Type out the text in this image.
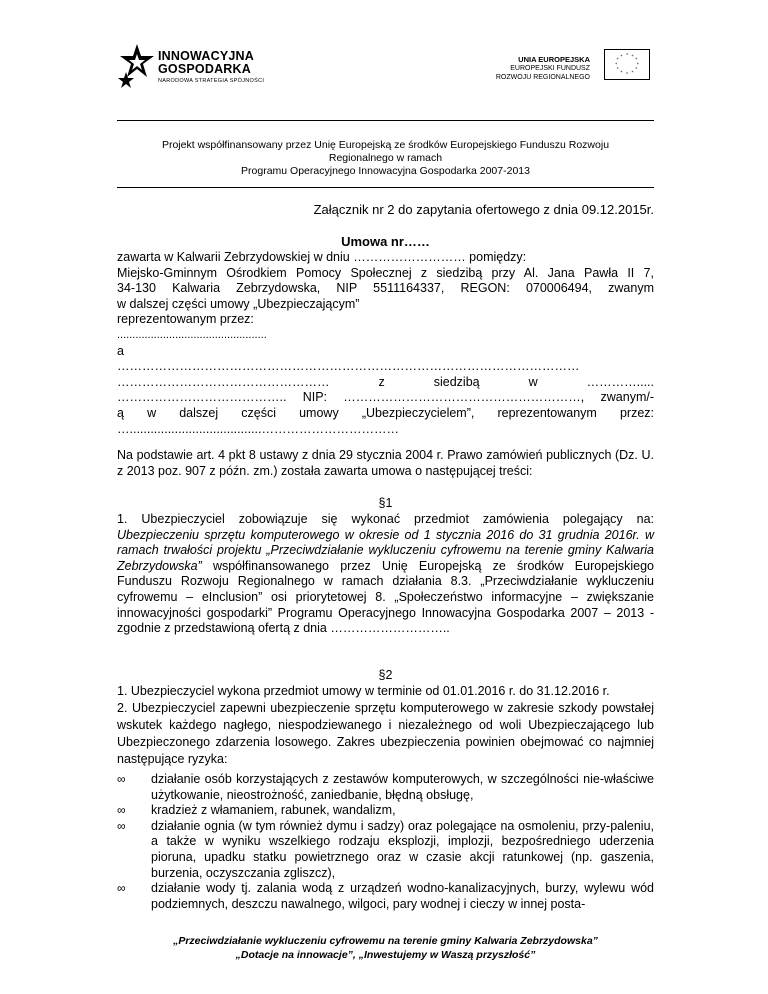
INNOWACYJNA
GOSPODARKA
NARODOWA STRATEGIA SPÓJNOŚCI
UNIA EUROPEJSKA
EUROPEJSKI FUNDUSZ
ROZWOJU REGIONALNEGO
* *
*
*
*
*
*
*
*
*
*
*
Projekt współfinansowany przez Unię Europejską ze środków Europejskiego Funduszu Rozwoju
Regionalnego w ramach
Programu Operacyjnego Innowacyjna Gospodarka 2007-2013
Załącznik nr 2 do zapytania ofertowego z dnia 09.12.2015r.
Umowa nr……
zawarta w Kalwarii Zebrzydowskiej w dniu ……………………… pomiędzy:
Miejsko-Gminnym Ośrodkiem Pomocy Społecznej z siedzibą przy Al. Jana Pawła II 7,
34-130 Kalwaria Zebrzydowska, NIP 5511164337, REGON: 070006494, zwanym
w dalszej części umowy „Ubezpieczającym”
reprezentowanym przez:
.................................................
a
…………………………………………………………………………………………………
……………………………………………    z    siedzibą    w    ………….....
………………………………….. NIP: …………………………………………………, zwanym/-
ą  w  dalszej  części  umowy  „Ubezpieczycielem”,  reprezentowanym  przez:
…......................................……………………………
Na podstawie art. 4 pkt 8 ustawy z dnia 29 stycznia 2004 r. Prawo zamówień publicznych (Dz. U. z 2013 poz. 907 z późn. zm.) została zawarta umowa o następującej treści:
§1
1. Ubezpieczyciel zobowiązuje się wykonać przedmiot zamówienia polegający na: Ubezpieczeniu sprzętu komputerowego w okresie od 1 stycznia 2016 do 31 grudnia 2016r. w ramach trwałości projektu „Przeciwdziałanie wykluczeniu cyfrowemu na terenie gminy Kalwaria Zebrzydowska” współfinansowanego przez Unię Europejską ze środków Europejskiego Funduszu Rozwoju Regionalnego w ramach działania 8.3. „Przeciwdziałanie wykluczeniu cyfrowemu – eInclusion” osi priorytetowej 8. „Społeczeństwo informacyjne – zwiększanie innowacyjności gospodarki” Programu Operacyjnego Innowacyjna Gospodarka 2007 – 2013 - zgodnie z przedstawioną ofertą z dnia ………………………..
§2

1. Ubezpieczyciel wykona przedmiot umowy w terminie od 01.01.2016 r. do 31.12.2016 r.

2. Ubezpieczyciel zapewni ubezpieczenie sprzętu komputerowego w zakresie szkody powstałej wskutek każdego nagłego, niespodziewanego i niezależnego od woli Ubezpieczającego lub Ubezpieczonego zdarzenia losowego. Zakres ubezpieczenia powinien obejmować co najmniej następujące ryzyka:

∞ działanie osób korzystających z zestawów komputerowych, w szczególności nie-właściwe użytkowanie, nieostrożność, zaniedbanie, błędną obsługę,
∞ kradzież z włamaniem, rabunek, wandalizm,
∞ działanie ognia (w tym również dymu i sadzy) oraz polegające na osmoleniu, przy-paleniu, a także w wyniku wszelkiego rodzaju eksplozji, implozji, bezpośredniego uderzenia pioruna, upadku statku powietrznego oraz w czasie akcji ratunkowej (np. gaszenia, burzenia, oczyszczania zgliszcz),
∞ działanie wody tj. zalania wodą z urządzeń wodno-kanalizacyjnych, burzy, wylewu wód podziemnych, deszczu nawalnego, wilgoci, pary wodnej i cieczy w innej posta-
„Przeciwdziałanie wykluczeniu cyfrowemu na terenie gminy Kalwaria Zebrzydowska”
„Dotacje na innowacje”, „Inwestujemy w Waszą przyszłość”
